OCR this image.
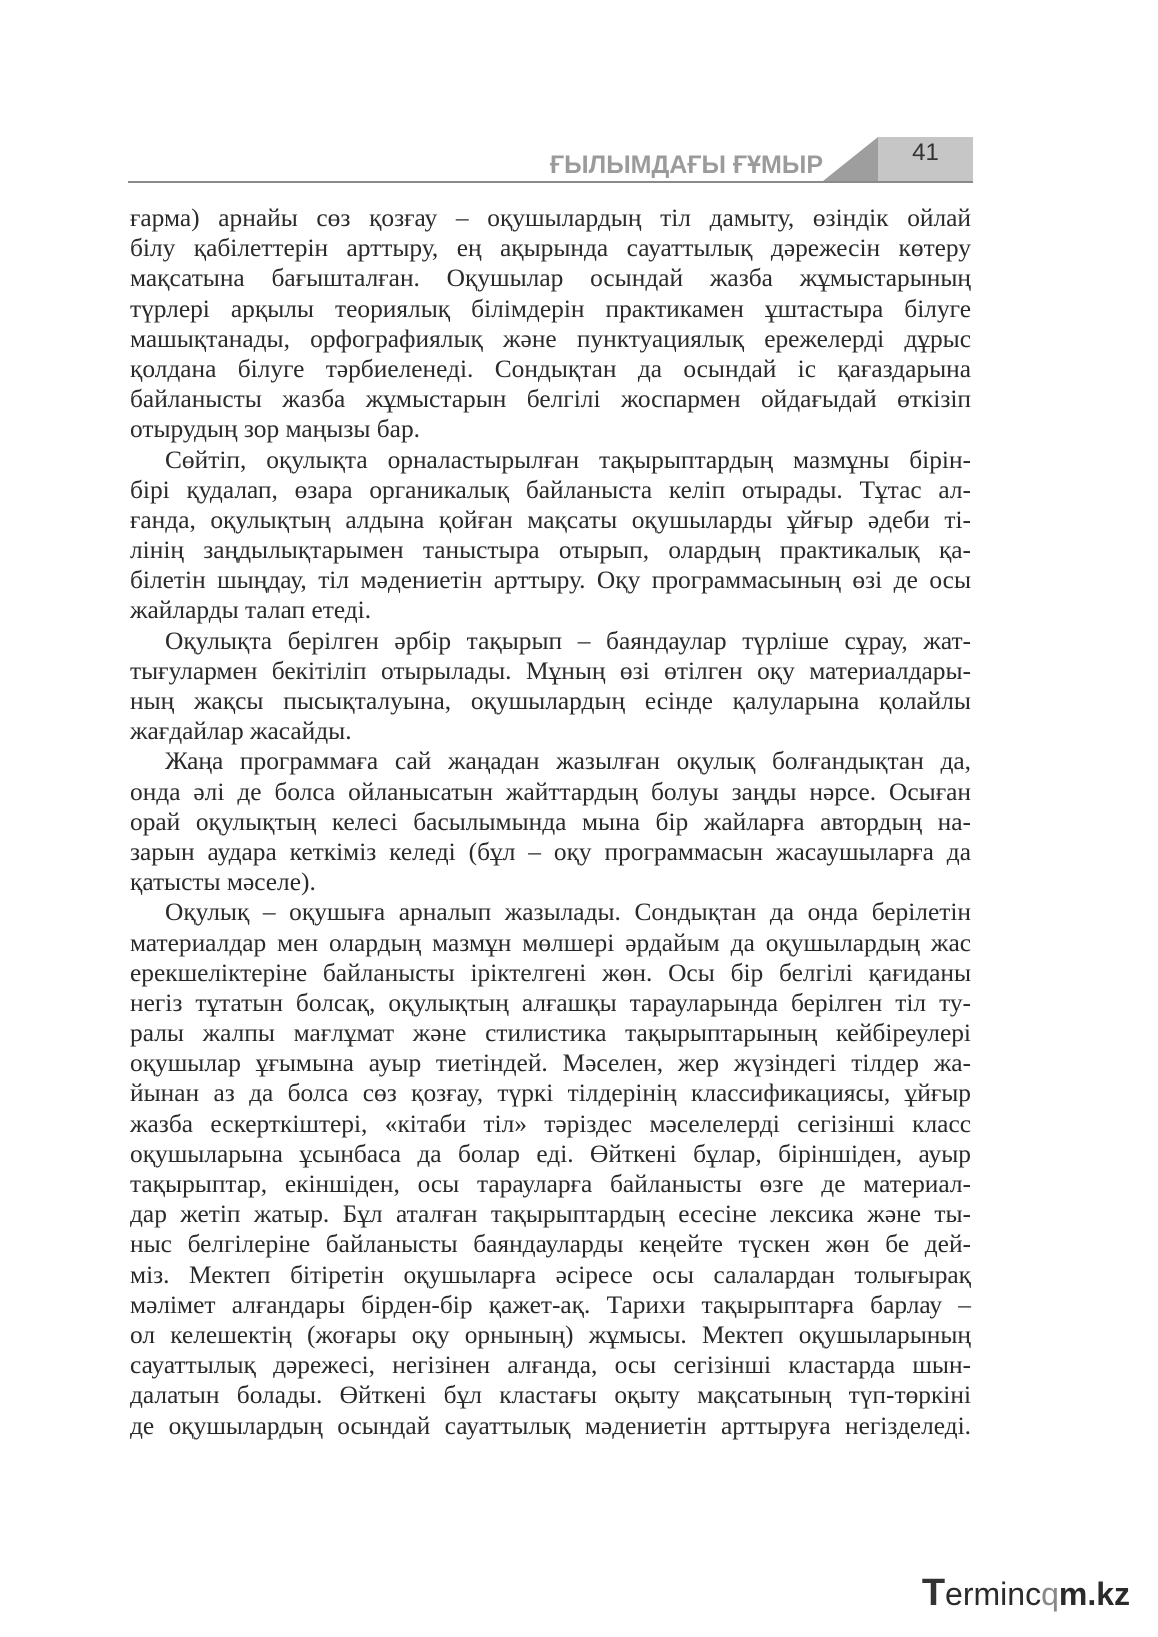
ҒЫЛЫМДАҒЫ ҒҰМЫР	41
ғарма) арнайы сөз қозғау – оқушылардың тіл дамыту, өзіндік ойлай
білу қабілеттерін арттыру, ең ақырында сауаттылық дәрежесін көтеру
мақсатына бағышталған. Оқушылар осындай жазба жұмыстарының
түрлері арқылы теориялық білімдерін практикамен ұштастыра білуге
машықтанады, орфографиялық және пунктуациялық ережелерді дұрыс
қолдана білуге тәрбиеленеді. Сондықтан да осындай іс қағаздарына
байланысты жазба жұмыстарын белгілі жоспармен ойдағыдай өткізіп
отырудың зор маңызы бар.
Сөйтіп, оқулықта орналастырылған тақырыптардың мазмұны бірін-
бірі қудалап, өзара органикалық байланыста келіп отырады. Тұтас ал-
ғанда, оқулықтың алдына қойған мақсаты оқушыларды ұйғыр әдеби ті-
лінің заңдылықтарымен таныстыра отырып, олардың практикалық қа-
білетін шыңдау, тіл мәдениетін арттыру. Оқу программасының өзі де осы
жайларды талап етеді.
Оқулықта берілген әрбір тақырып – баяндаулар түрліше сұрау, жат-
тығулармен бекітіліп отырылады. Мұның өзі өтілген оқу материалдары-
ның жақсы пысықталуына, оқушылардың есінде қалуларына қолайлы
жағдайлар жасайды.
Жаңа программаға сай жаңадан жазылған оқулық болғандықтан да,
онда әлі де болса ойланысатын жайттардың болуы заңды нәрсе. Осыған
орай оқулықтың келесі басылымында мына бір жайларға автордың на-
зарын аудара кеткіміз келеді (бұл – оқу программасын жасаушыларға да
қатысты мәселе).
Оқулық – оқушыға арналып жазылады. Сондықтан да онда берілетін
материалдар мен олардың мазмұн мөлшері әрдайым да оқушылардың жас
ерекшеліктеріне байланысты іріктелгені жөн. Осы бір белгілі қағиданы
негіз тұтатын болсақ, оқулықтың алғашқы тарауларында берілген тіл ту-
ралы жалпы мағлұмат және стилистика тақырыптарының кейбіреулері
оқушылар ұғымына ауыр тиетіндей. Мәселен, жер жүзіндегі тілдер жа-
йынан аз да болса сөз қозғау, түркі тілдерінің классификациясы, ұйғыр
жазба ескерткіштері, «кітаби тіл» тәріздес мәселелерді сегізінші класс
оқушыларына ұсынбаса да болар еді. Өйткені бұлар, біріншіден, ауыр
тақырыптар, екіншіден, осы тарауларға байланысты өзге де материал-
дар жетіп жатыр. Бұл аталған тақырыптардың есесіне лексика және ты-
ныс белгілеріне байланысты баяндауларды кеңейте түскен жөн бе дей-
міз. Мектеп бітіретін оқушыларға әсіресе осы салалардан толығырақ
мәлімет алғандары бірден-бір қажет-ақ. Тарихи тақырыптарға барлау –
ол келешектің (жоғары оқу орнының) жұмысы. Мектеп оқушыларының
сауаттылық дәрежесі, негізінен алғанда, осы сегізінші кластарда шын-
далатын болады. Өйткені бұл кластағы оқыту мақсатының түп-төркіні
де оқушылардың осындай сауаттылық мәдениетін арттыруға негізделеді.
Termincqm.kz
